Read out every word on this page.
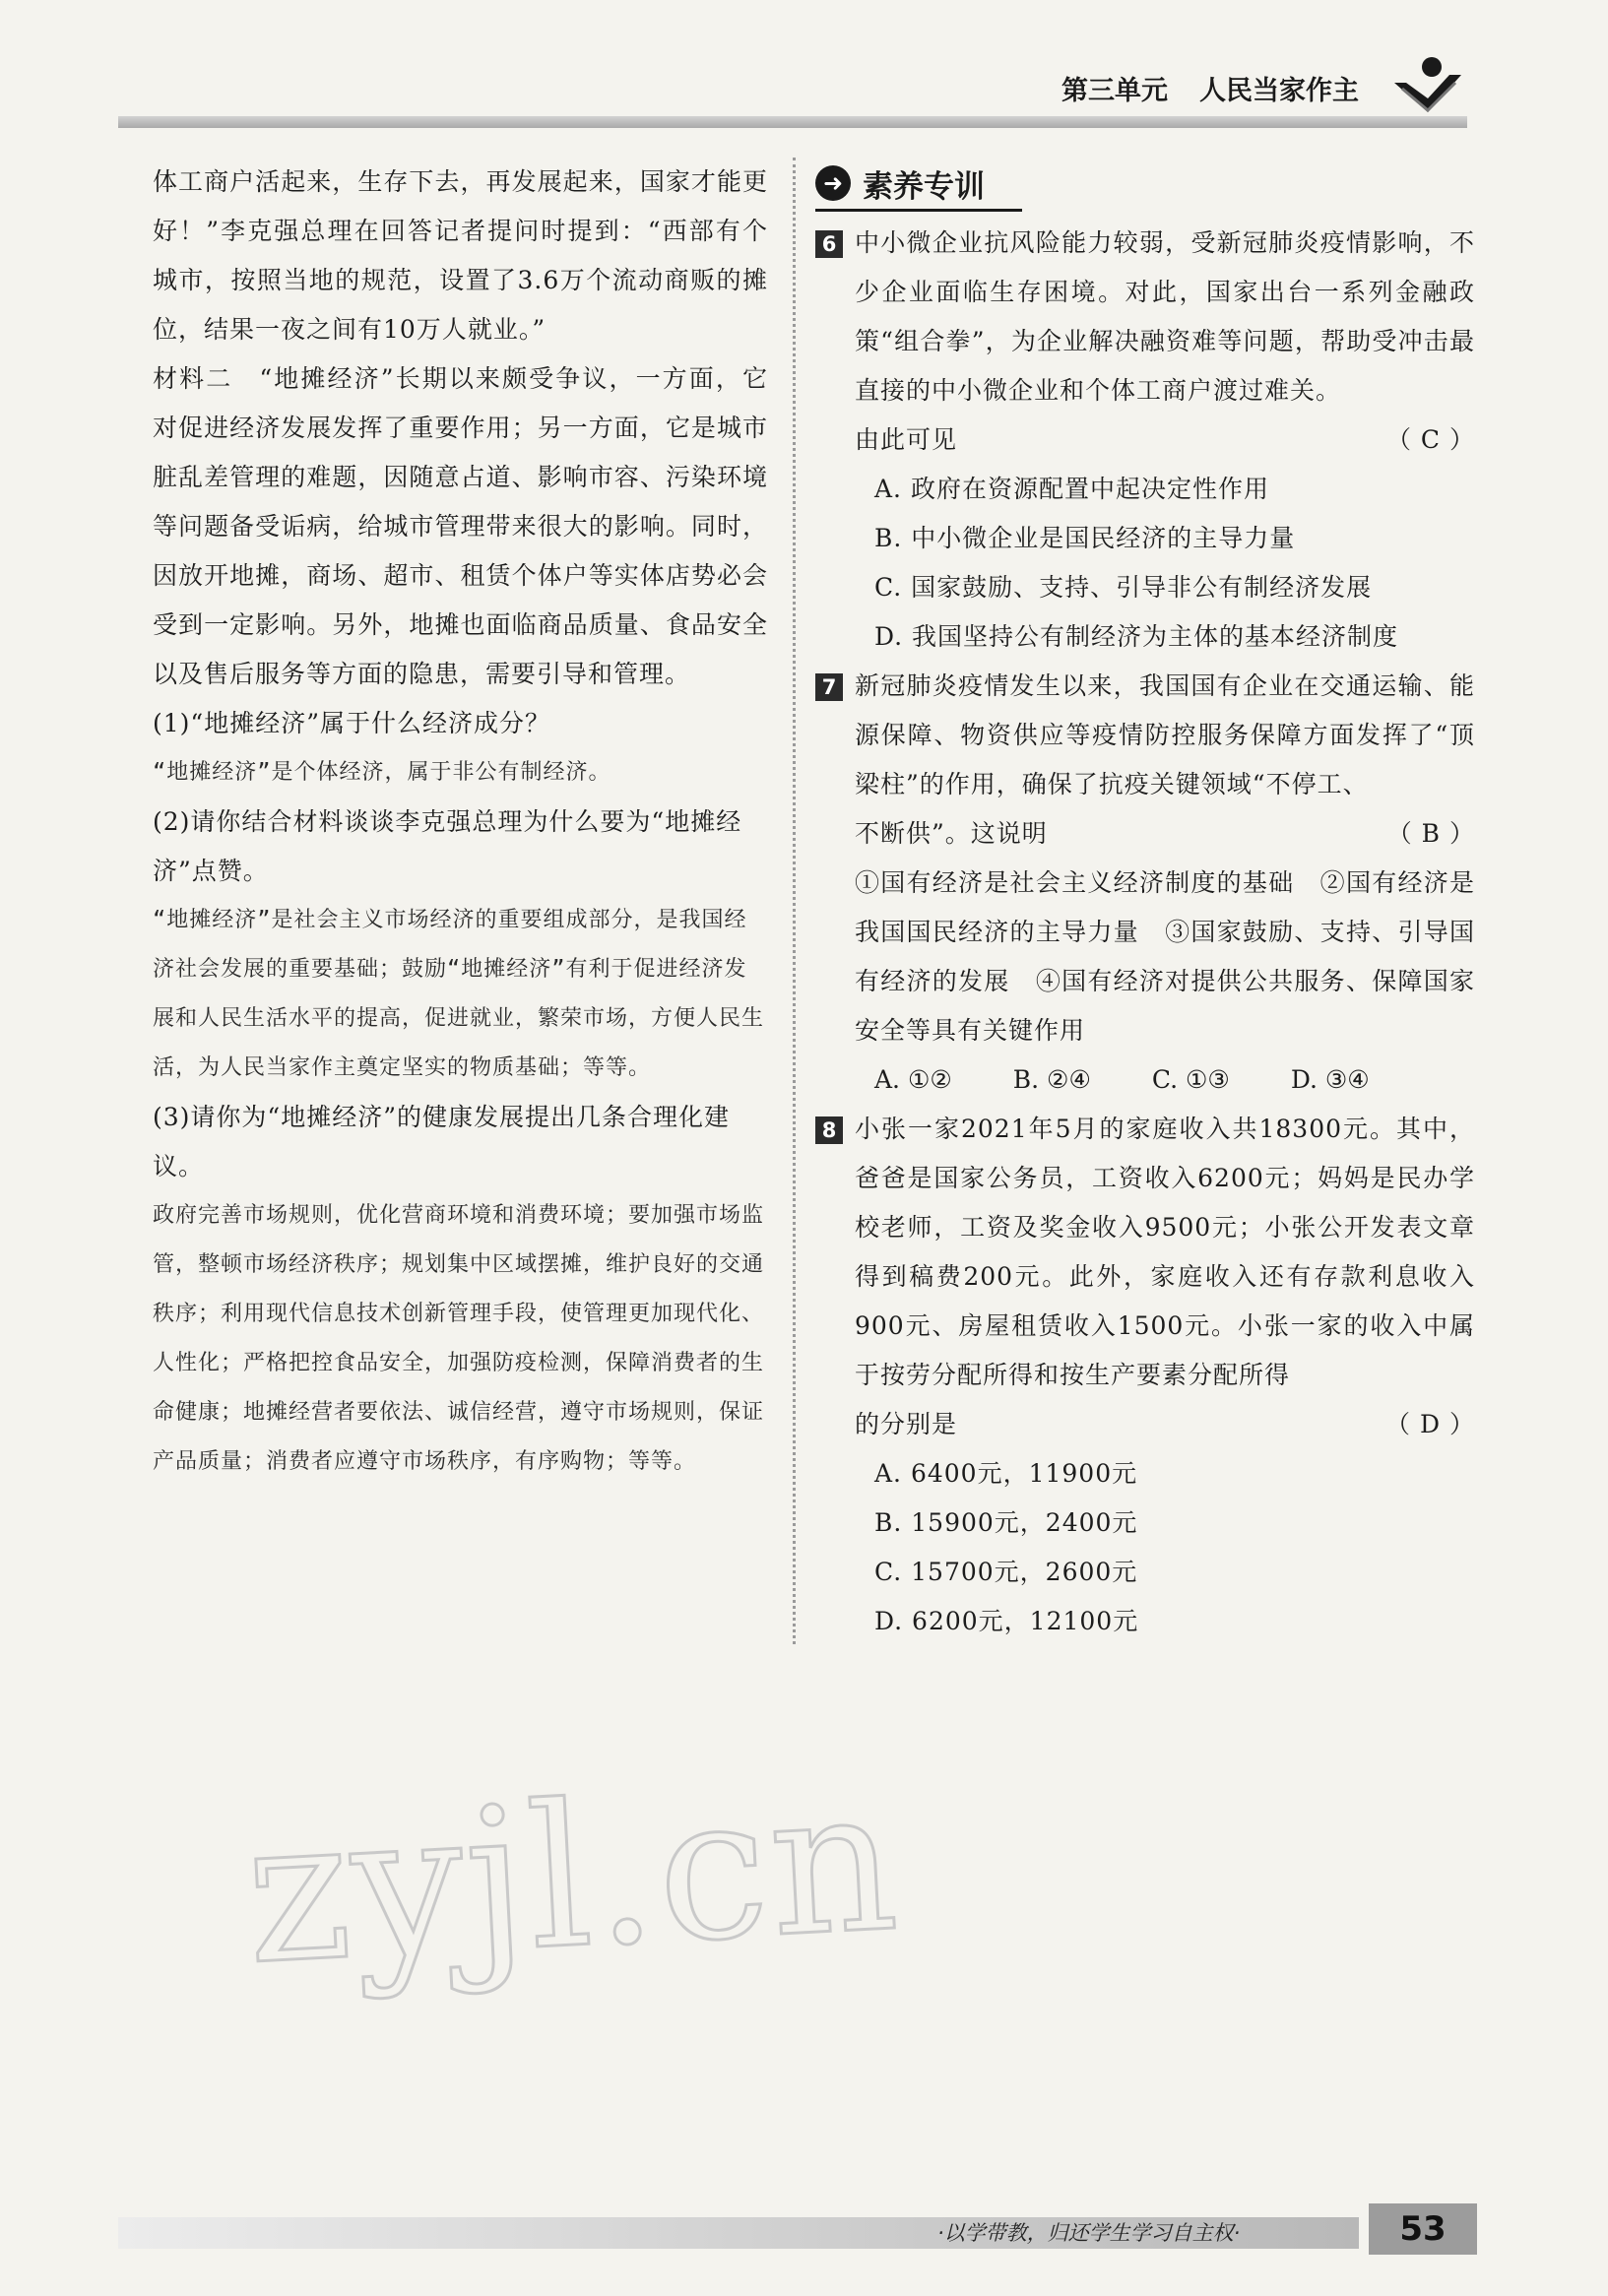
第三单元 人民当家作主

体工商户活起来，生存下去，再发展起来，国家才能更好！”李克强总理在回答记者提问时提到：“西部有个城市，按照当地的规范，设置了3.6万个流动商贩的摊位，结果一夜之间有10万人就业。”

材料二　“地摊经济”长期以来颇受争议，一方面，它对促进经济发展发挥了重要作用；另一方面，它是城市脏乱差管理的难题，因随意占道、影响市容、污染环境等问题备受诟病，给城市管理带来很大的影响。同时，因放开地摊，商场、超市、租赁个体户等实体店势必会受到一定影响。另外，地摊也面临商品质量、食品安全以及售后服务等方面的隐患，需要引导和管理。

(1)“地摊经济”属于什么经济成分？

“地摊经济”是个体经济，属于非公有制经济。

(2)请你结合材料谈谈李克强总理为什么要为“地摊经济”点赞。

“地摊经济”是社会主义市场经济的重要组成部分，是我国经济社会发展的重要基础；鼓励“地摊经济”有利于促进经济发展和人民生活水平的提高，促进就业，繁荣市场，方便人民生活，为人民当家作主奠定坚实的物质基础；等等。

(3)请你为“地摊经济”的健康发展提出几条合理化建议。

政府完善市场规则，优化营商环境和消费环境；要加强市场监管，整顿市场经济秩序；规划集中区域摆摊，维护良好的交通秩序；利用现代信息技术创新管理手段，使管理更加现代化、人性化；严格把控食品安全，加强防疫检测，保障消费者的生命健康；地摊经营者要依法、诚信经营，遵守市场规则，保证产品质量；消费者应遵守市场秩序，有序购物；等等。

➜ 素养专训
6 中小微企业抗风险能力较弱，受新冠肺炎疫情影响，不少企业面临生存困境。对此，国家出台一系列金融政策“组合拳”，为企业解决融资难等问题，帮助受冲击最直接的中小微企业和个体工商户渡过难关。

由此可见	（ C ）

A. 政府在资源配置中起决定性作用

B. 中小微企业是国民经济的主导力量

C. 国家鼓励、支持、引导非公有制经济发展

D. 我国坚持公有制经济为主体的基本经济制度

7 新冠肺炎疫情发生以来，我国国有企业在交通运输、能源保障、物资供应等疫情防控服务保障方面发挥了“顶梁柱”的作用，确保了抗疫关键领域“不停工、

不断供”。这说明	（ B ）

①国有经济是社会主义经济制度的基础　②国有经济是我国国民经济的主导力量　③国家鼓励、支持、引导国有经济的发展　④国有经济对提供公共服务、保障国家安全等具有关键作用

A. ①② B. ②④ C. ①③ D. ③④
8 小张一家2021年5月的家庭收入共18300元。其中，爸爸是国家公务员，工资收入6200元；妈妈是民办学校老师，工资及奖金收入9500元；小张公开发表文章得到稿费200元。此外，家庭收入还有存款利息收入900元、房屋租赁收入1500元。小张一家的收入中属于按劳分配所得和按生产要素分配所得

的分别是	（ D ）

A. 6400元，11900元

B. 15900元，2400元

C. 15700元，2600元

D. 6200元，12100元

zyjl.cn
·以学带教，归还学生学习自主权·	53
